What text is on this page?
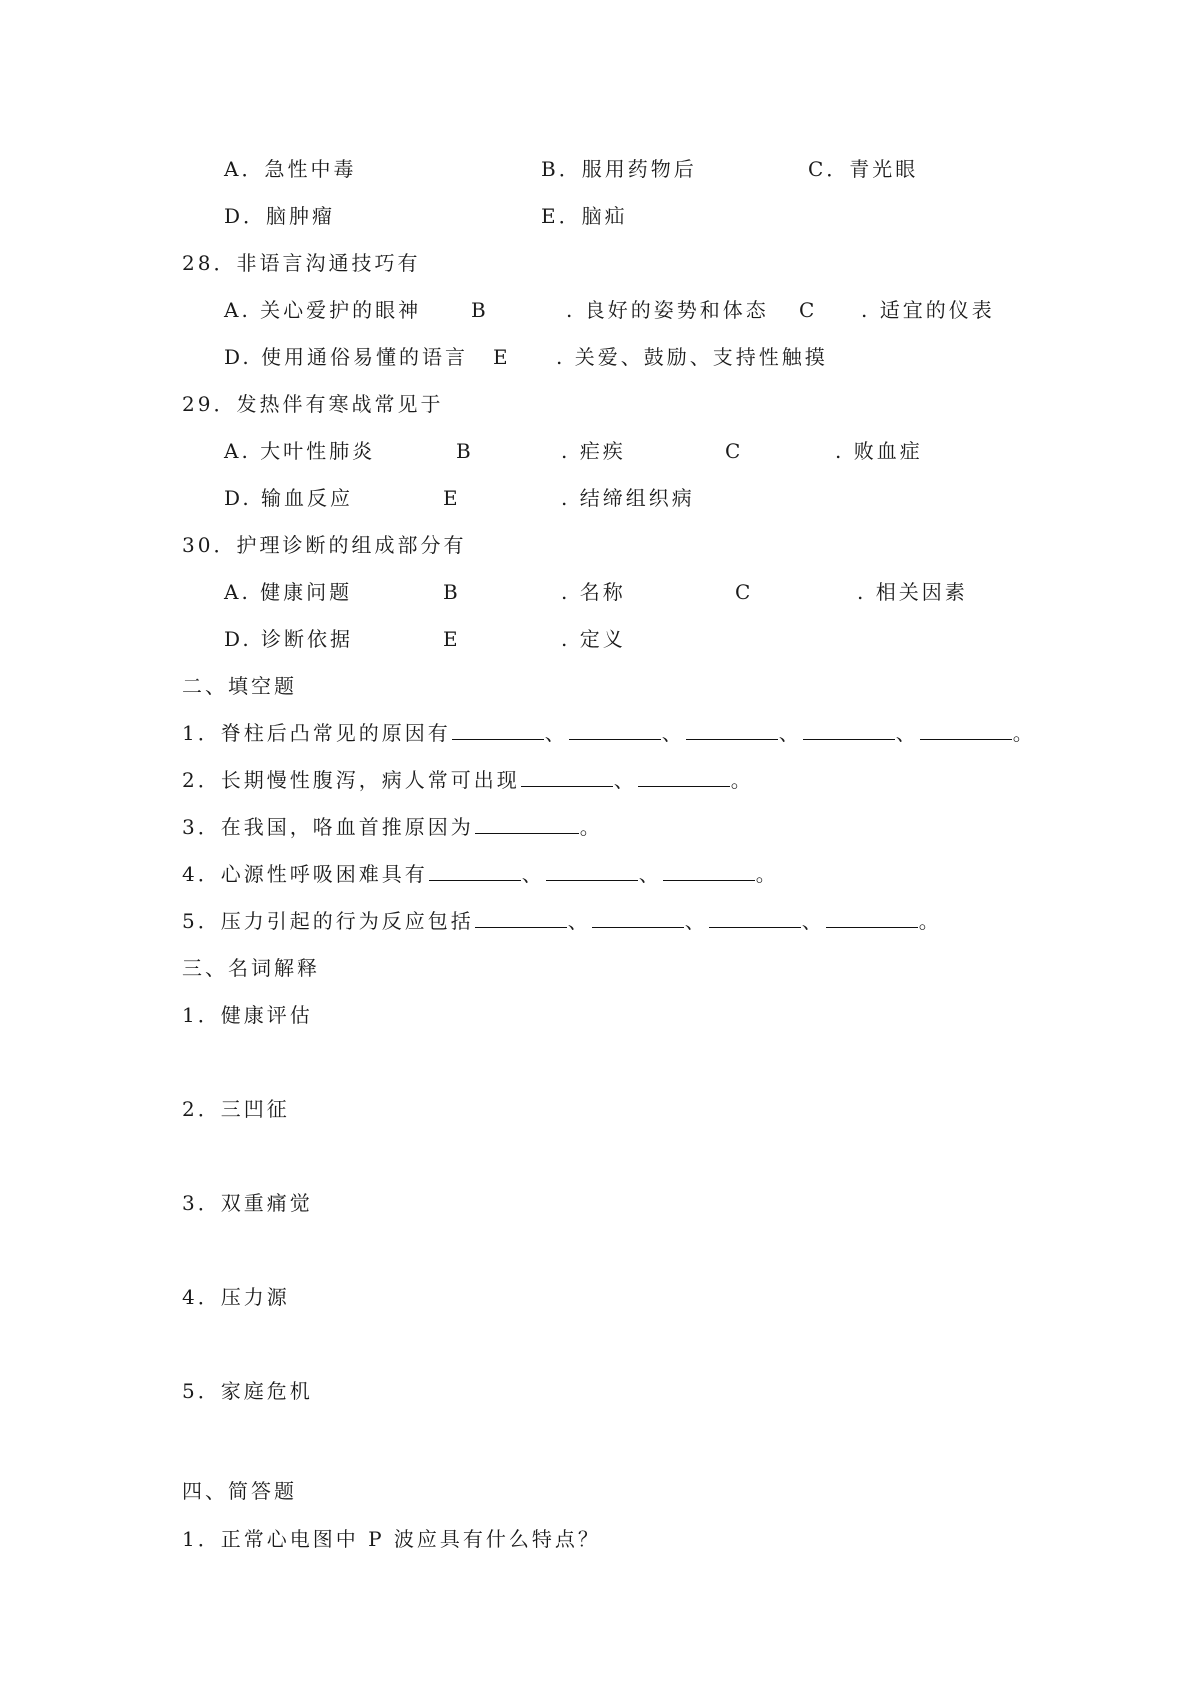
A．急性中毒	B．服用药物后	C．青光眼
D．脑肿瘤	E．脑疝
28．非语言沟通技巧有
A. 关心爱护的眼神 B	. 良好的姿势和体态 C . 适宜的仪表
D. 使用通俗易懂的语言 E . 关爱、鼓励、支持性触摸
29．发热伴有寒战常见于
A. 大叶性肺炎	B	. 疟疾	C	. 败血症
D. 输血反应	E	. 结缔组织病
30．护理诊断的组成部分有
A. 健康问题	B	. 名称	C	. 相关因素
D. 诊断依据	E	. 定义
二、填空题
1．脊柱后凸常见的原因有	、	、	、	、	。
2．长期慢性腹泻，病人常可出现	、	。
3．在我国，咯血首推原因为	。
4．心源性呼吸困难具有	、	、	。
5．压力引起的行为反应包括	、	、	、	。
三、名词解释
1．健康评估
2．三凹征
3．双重痛觉
4．压力源
5．家庭危机
四、简答题
1．正常心电图中 P 波应具有什么特点？
